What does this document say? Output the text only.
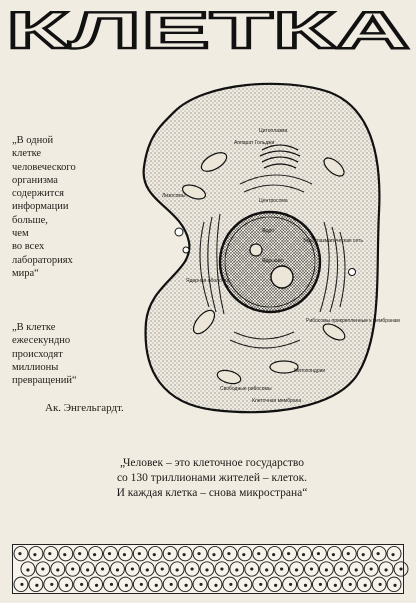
КЛЕТКА
„В одной
клетке
человеческого
организма
содержится
информации
больше,
чем
во всех
лабораториях
мира“
„В клетке
ежесекундно
происходят
миллионы
превращений“
Ак. Энгельгардт.
„Человек – это клеточное государство
со 130 триллионами жителей – клеток.
И каждая клетка – снова микространа“
Цитоплазма
Аппарат Гольджи
Лизосомы
Центросома
Ядро
Ядрышко
Эндоплазматическая сеть
Ядерная оболочка
Рибосомы прикрепленные к мембранам
Митохондрии
Свободные рибосомы
Клеточная мембрана
